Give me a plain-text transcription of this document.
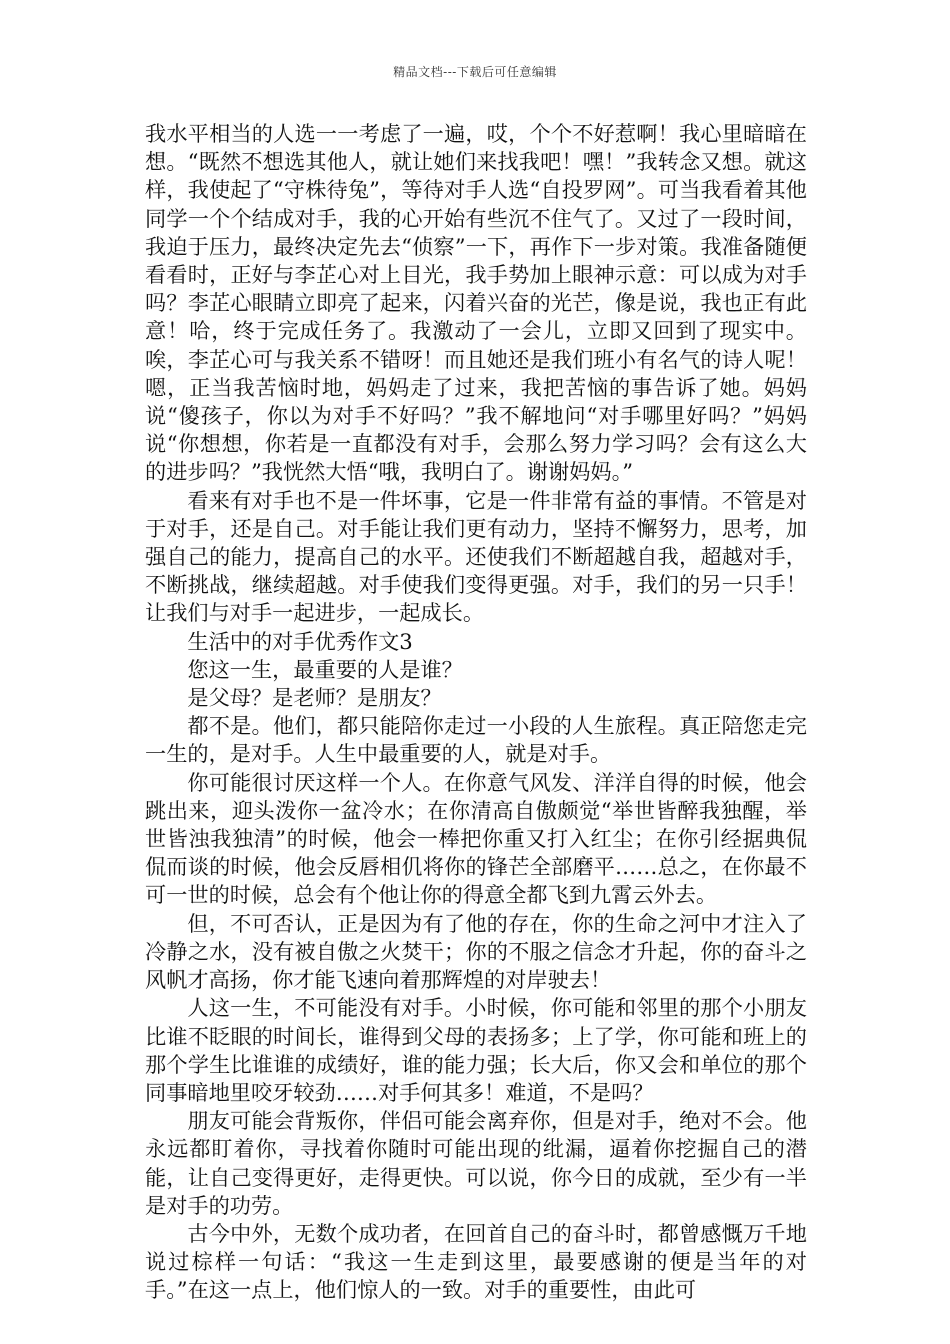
精品文档---下载后可任意编辑

我水平相当的人选一一考虑了一遍，哎，个个不好惹啊！我心里暗暗在想。“既然不想选其他人，就让她们来找我吧！嘿！”我转念又想。就这样，我使起了“守株待兔”，等待对手人选“自投罗网”。可当我看着其他同学一个个结成对手，我的心开始有些沉不住气了。又过了一段时间，我迫于压力，最终决定先去“侦察”一下，再作下一步对策。我准备随便看看时，正好与李芷心对上目光，我手势加上眼神示意：可以成为对手吗？李芷心眼睛立即亮了起来，闪着兴奋的光芒，像是说，我也正有此意！哈，终于完成任务了。我激动了一会儿，立即又回到了现实中。唉，李芷心可与我关系不错呀！而且她还是我们班小有名气的诗人呢！嗯，正当我苦恼时地，妈妈走了过来，我把苦恼的事告诉了她。妈妈说“傻孩子，你以为对手不好吗？”我不解地问“对手哪里好吗？”妈妈说“你想想，你若是一直都没有对手，会那么努力学习吗？会有这么大的进步吗？”我恍然大悟“哦，我明白了。谢谢妈妈。”

看来有对手也不是一件坏事，它是一件非常有益的事情。不管是对于对手，还是自己。对手能让我们更有动力，坚持不懈努力，思考，加强自己的能力，提高自己的水平。还使我们不断超越自我，超越对手，不断挑战，继续超越。对手使我们变得更强。对手，我们的另一只手！让我们与对手一起进步，一起成长。

生活中的对手优秀作文3

您这一生，最重要的人是谁？

是父母？是老师？是朋友？

都不是。他们，都只能陪你走过一小段的人生旅程。真正陪您走完一生的，是对手。人生中最重要的人，就是对手。

你可能很讨厌这样一个人。在你意气风发、洋洋自得的时候，他会跳出来，迎头泼你一盆冷水；在你清高自傲颇觉“举世皆醉我独醒，举世皆浊我独清”的时候，他会一棒把你重又打入红尘；在你引经据典侃侃而谈的时候，他会反唇相仉将你的锋芒全部磨平……总之，在你最不可一世的时候，总会有个他让你的得意全都飞到九霄云外去。

但，不可否认，正是因为有了他的存在，你的生命之河中才注入了冷静之水，没有被自傲之火焚干；你的不服之信念才升起，你的奋斗之风帆才高扬，你才能飞速向着那辉煌的对岸驶去！

人这一生，不可能没有对手。小时候，你可能和邻里的那个小朋友比谁不眨眼的时间长，谁得到父母的表扬多；上了学，你可能和班上的那个学生比谁谁的成绩好，谁的能力强；长大后，你又会和单位的那个同事暗地里咬牙较劲……对手何其多！难道，不是吗？

朋友可能会背叛你，伴侣可能会离弃你，但是对手，绝对不会。他永远都盯着你，寻找着你随时可能出现的纰漏，逼着你挖掘自己的潜能，让自己变得更好，走得更快。可以说，你今日的成就，至少有一半是对手的功劳。

古今中外，无数个成功者，在回首自己的奋斗时，都曾感慨万千地说过棕样一句话：“我这一生走到这里，最要感谢的便是当年的对手。”在这一点上，他们惊人的一致。对手的重要性，由此可
